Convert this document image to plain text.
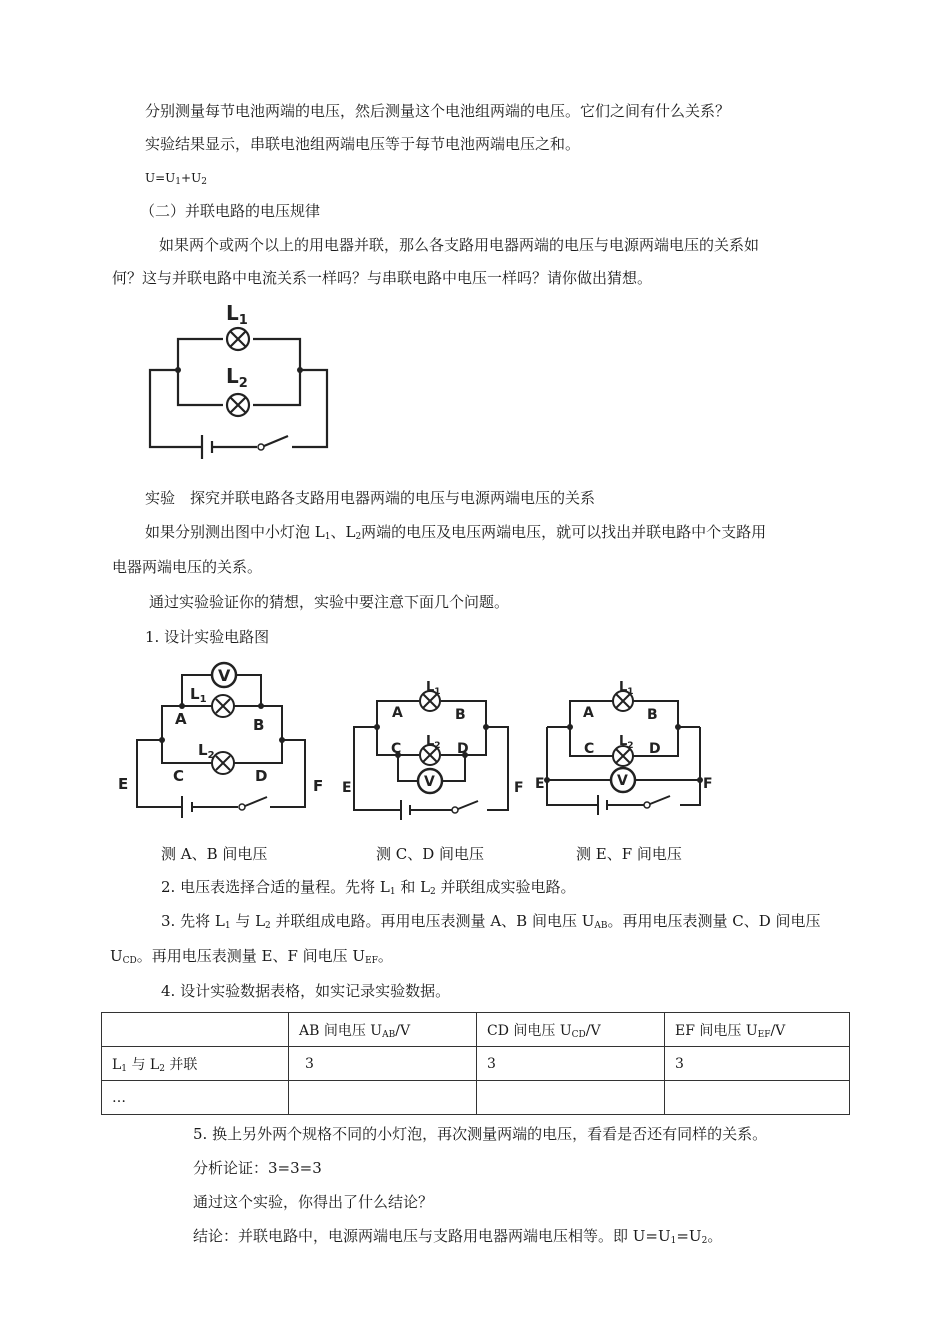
分别测量每节电池两端的电压，然后测量这个电池组两端的电压。它们之间有什么关系？
实验结果显示，串联电池组两端电压等于每节电池两端电压之和。
$U=U_1+U_2$
（二）并联电路的电压规律
如果两个或两个以上的用电器并联，那么各支路用电器两端的电压与电源两端电压的关系如
何？这与并联电路中电流关系一样吗？与串联电路中电压一样吗？请你做出猜想。
$L_1$
$L_2$
实验　探究并联电路各支路用电器两端的电压与电源两端电压的关系
如果分别测出图中小灯泡 $L_1$、$L_2$两端的电压及电压两端电压，就可以找出并联电路中个支路用
电器两端电压的关系。
通过实验验证你的猜想，实验中要注意下面几个问题。
1. 设计实验电路图
V
$L_1$
$L_2$
A	B
C	D
E	F
$L_1$
$L_2$
A	B
C	D
V
E	F
$L_1$
$L_2$
A	B
C	D
V
E	F
测 A、B 间电压	测 C、D 间电压	测 E、F 间电压
2. 电压表选择合适的量程。先将 $L_1$ 和 $L_2$ 并联组成实验电路。
3. 先将 $L_1$ 与 $L_2$ 并联组成电路。再用电压表测量 A、B 间电压 $U_{AB}$。再用电压表测量 C、D 间电压
$U_{CD}$。再用电压表测量 E、F 间电压 $U_{EF}$。
4. 设计实验数据表格，如实记录实验数据。
	AB 间电压 $U_{AB}/V$	CD 间电压 $U_{CD}/V$	EF 间电压 $U_{EF}/V$
$L_1$ 与 $L_2$ 并联	3	3	3
…			
5. 换上另外两个规格不同的小灯泡，再次测量两端的电压，看看是否还有同样的关系。
分析论证：3=3=3
通过这个实验，你得出了什么结论？
结论：并联电路中，电源两端电压与支路用电器两端电压相等。即 $U=U_1=U_2$。
